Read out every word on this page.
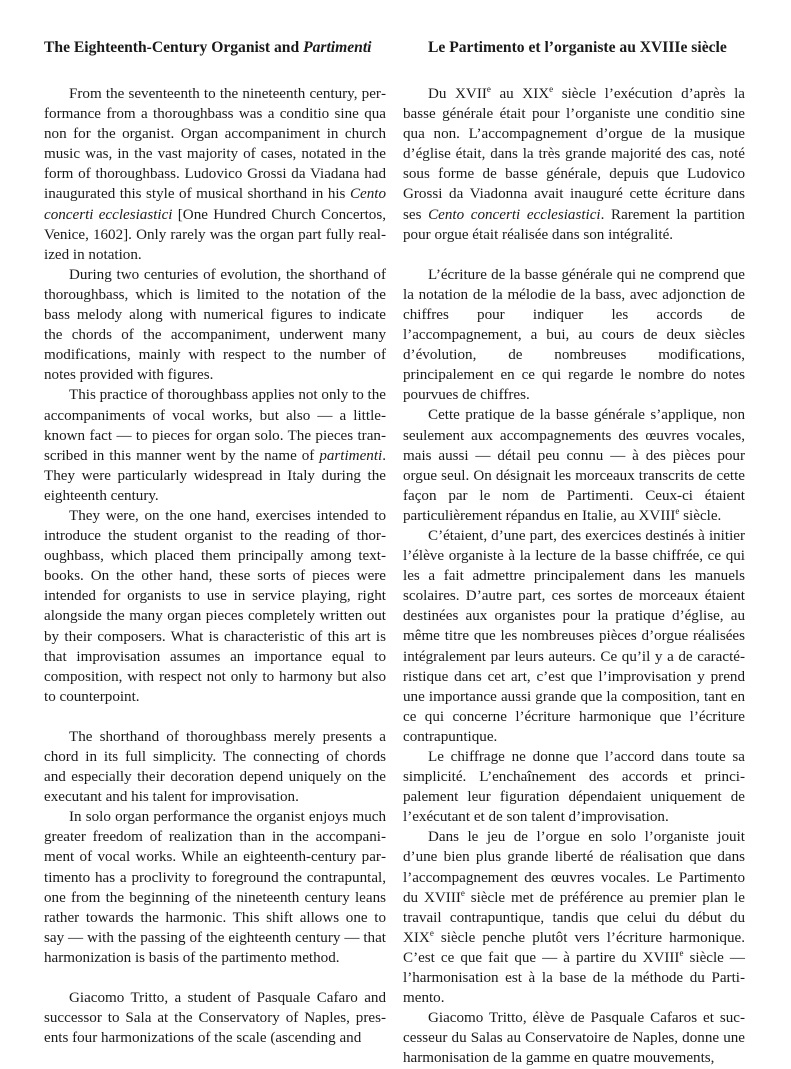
The Eighteenth-Century Organist and Partimenti

From the seventeenth to the nineteenth century, performance from a thoroughbass was a conditio sine qua non for the organist. Organ accompaniment in church music was, in the vast majority of cases, notated in the form of thoroughbass. Ludovico Grossi da Viadana had inaugurated this style of musical shorthand in his Cento concerti ecclesiastici [One Hundred Church Concertos, Venice, 1602]. Only rarely was the organ part fully realized in notation.

During two centuries of evolution, the shorthand of thoroughbass, which is limited to the notation of the bass melody along with numerical figures to indicate the chords of the accompaniment, underwent many modifications, mainly with respect to the number of notes provided with figures.

This practice of thoroughbass applies not only to the accompaniments of vocal works, but also — a little-known fact — to pieces for organ solo. The pieces transcribed in this manner went by the name of partimenti. They were particularly widespread in Italy during the eighteenth century.

They were, on the one hand, exercises intended to introduce the student organist to the reading of thoroughbass, which placed them principally among textbooks. On the other hand, these sorts of pieces were intended for organists to use in service playing, right alongside the many organ pieces completely written out by their composers. What is characteristic of this art is that improvisation assumes an importance equal to composition, with respect not only to harmony but also to counterpoint.

The shorthand of thoroughbass merely presents a chord in its full simplicity. The connecting of chords and especially their decoration depend uniquely on the executant and his talent for improvisation.

In solo organ performance the organist enjoys much greater freedom of realization than in the accompaniment of vocal works. While an eighteenth-century partimento has a proclivity to foreground the contrapuntal, one from the beginning of the nineteenth century leans rather towards the harmonic. This shift allows one to say — with the passing of the eighteenth century — that harmonization is basis of the partimento method.

Giacomo Tritto, a student of Pasquale Cafaro and successor to Sala at the Conservatory of Naples, presents four harmonizations of the scale (ascending and

Le Partimento et l’organiste au XVIIIe siècle

Du XVIIe au XIXe siècle l’exécution d’après la basse générale était pour l’organiste une conditio sine qua non. L’accompagnement d’orgue de la musique d’église était, dans la très grande majorité des cas, noté sous forme de basse générale, depuis que Ludovico Grossi da Viadonna avait inauguré cette écriture dans ses Cento concerti ecclesiastici. Rarement la partition pour orgue était réalisée dans son intégralité.

L’écriture de la basse générale qui ne comprend que la notation de la mélodie de la bass, avec adjonction de chiffres pour indiquer les accords de l’accompagnement, a bui, au cours de deux siècles d’évolution, de nombreuses modifications, principalement en ce qui regarde le nombre do notes pourvues de chiffres.

Cette pratique de la basse générale s’applique, non seulement aux accompagnements des œuvres vocales, mais aussi — détail peu connu — à des pièces pour orgue seul. On désignait les morceaux transcrits de cette façon par le nom de Partimenti. Ceux-ci étaient particulièrement répandus en Italie, au XVIIIe siècle.

C’étaient, d’une part, des exercices destinés à initier l’élève organiste à la lecture de la basse chiffrée, ce qui les a fait admettre principalement dans les manuels scolaires. D’autre part, ces sortes de morceaux étaient destinées aux organistes pour la pratique d’église, au même titre que les nombreuses pièces d’orgue réalisées intégralement par leurs auteurs. Ce qu’il y a de caractéristique dans cet art, c’est que l’improvisation y prend une importance aussi grande que la composition, tant en ce qui concerne l’écriture harmonique que l’écriture contrapuntique.

Le chiffrage ne donne que l’accord dans toute sa simplicité. L’enchaînement des accords et principalement leur figuration dépendaient uniquement de l’exécutant et de son talent d’improvisation.

Dans le jeu de l’orgue en solo l’organiste jouit d’une bien plus grande liberté de réalisation que dans l’accompagnement des œuvres vocales. Le Partimento du XVIIIe siècle met de préférence au premier plan le travail contrapuntique, tandis que celui du début du XIXe siècle penche plutôt vers l’écriture harmonique. C’est ce que fait que — à partire du XVIIIe siècle — l’harmonisation est à la base de la méthode du Partimento.

Giacomo Tritto, élève de Pasquale Cafaros et successeur du Salas au Conservatoire de Naples, donne une harmonisation de la gamme en quatre mouvements,
